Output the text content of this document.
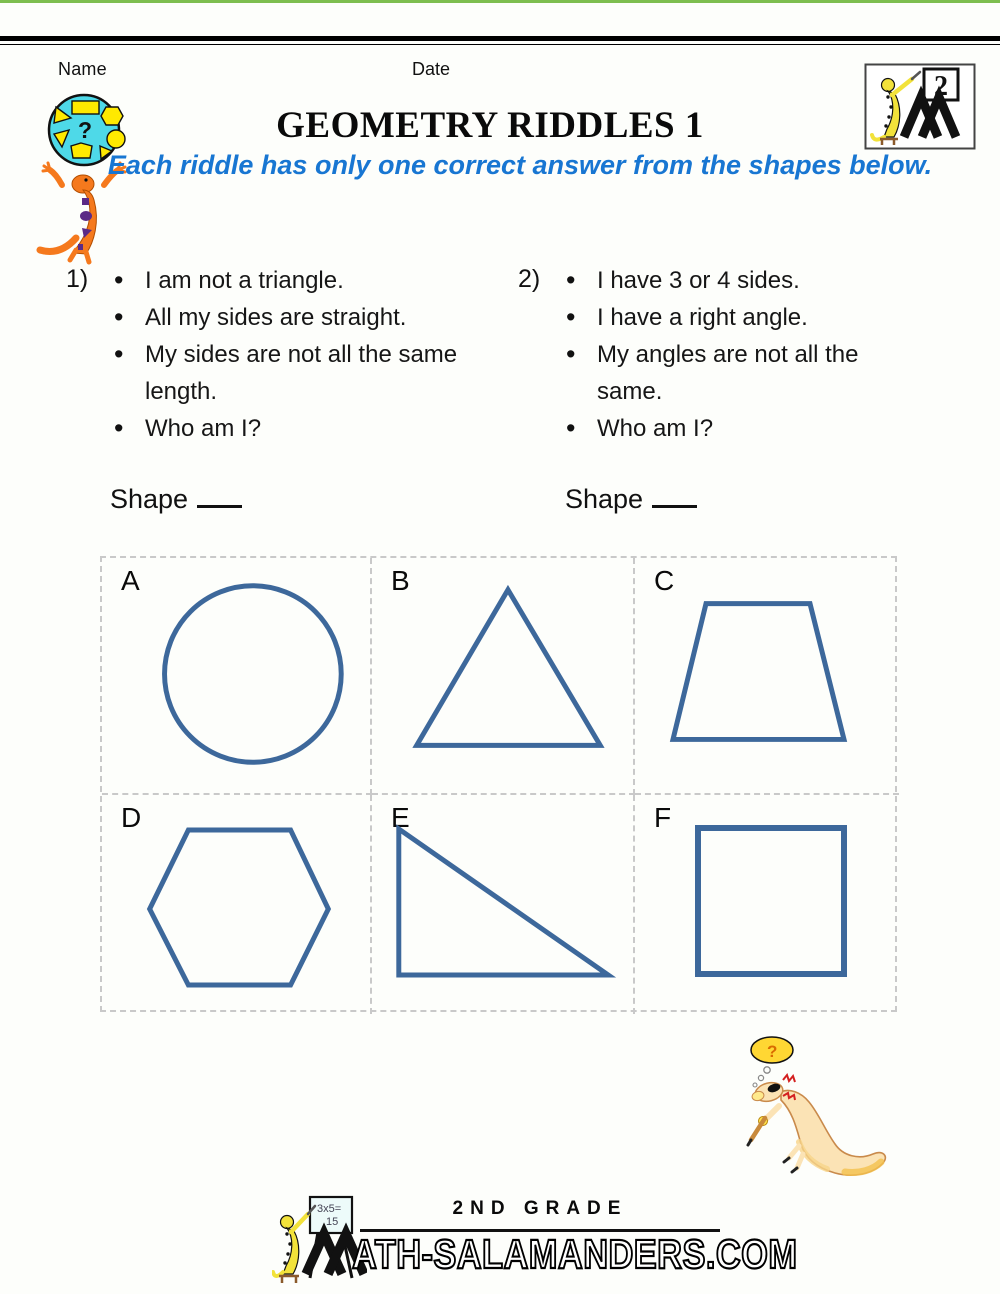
Name	Date
?	GEOMETRY RIDDLES 1
Each riddle has only one correct answer from the shapes below.
2
1)	• I am not a triangle.
• All my sides are straight.
• My sides are not all the same length.
• Who am I?
2)	• I have 3 or 4 sides.
• I have a right angle.
• My angles are not all the same.
• Who am I?
Shape	Shape
A	B	C
D	E	F
?
3x5=
15
2ND GRADE
ATH-SALAMANDERS.COM
